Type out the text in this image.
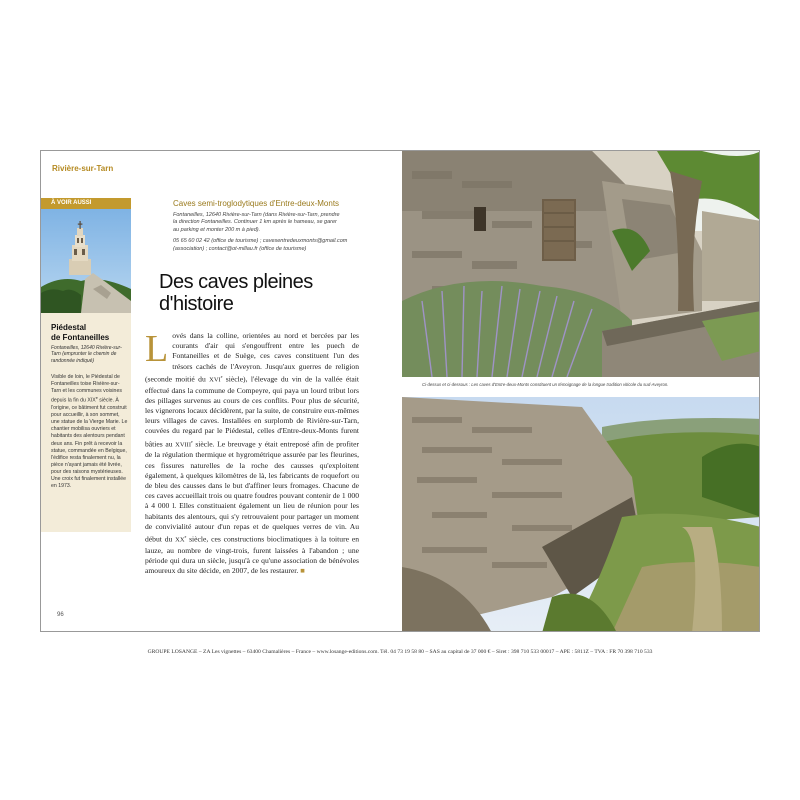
Rivière-sur-Tarn
À VOIR AUSSI
Piédestal
de Fontaneilles
Fontaneilles, 12640 Rivière-sur-Tarn (emprunter le chemin de randonnée indiqué)
Visible de loin, le Piédestal de Fontaneilles toise Rivière-sur-Tarn et les communes voisines depuis la fin du XIXe siècle. À l'origine, ce bâtiment fut construit pour accueillir, à son sommet, une statue de la Vierge Marie. Le chantier mobilisa ouvriers et habitants des alentours pendant deux ans. Fin prêt à recevoir la statue, commandée en Belgique, l'édifice resta finalement nu, la pièce n'ayant jamais été livrée, pour des raisons mystérieuses. Une croix fut finalement installée en 1973.
Caves semi-troglodytiques d'Entre-deux-Monts
Fontaneilles, 12640 Rivière-sur-Tarn (dans Rivière-sur-Tarn, prendre
la direction Fontaneilles. Continuer 1 km après le hameau, se garer
au parking et monter 200 m à pied).
05 65 60 02 42 (office de tourisme) ; cavesentredeuxmonts@gmail.com
(association) ; contact@ot-millau.fr (office de tourisme)
Des caves pleines
d'histoire
Lovés dans la colline, orientées au nord et bercées par les courants d'air qui s'engouffrent entre les puech de Fontaneilles et de Suège, ces caves constituent l'un des trésors cachés de l'Aveyron. Jusqu'aux guerres de religion (seconde moitié du XVIe siècle), l'élevage du vin de la vallée était effectué dans la commune de Compeyre, qui paya un lourd tribut lors des pillages survenus au cours de ces conflits. Pour plus de sécurité, les vignerons locaux décidèrent, par la suite, de construire eux-mêmes leurs villages de caves. Installées en surplomb de Rivière-sur-Tarn, couvées du regard par le Piédestal, celles d'Entre-deux-Monts furent bâties au XVIIIe siècle. Le breuvage y était entreposé afin de profiter de la régulation thermique et hygrométrique assurée par les fleurines, ces fissures naturelles de la roche des causses qu'exploitent également, à quelques kilomètres de là, les fabricants de roquefort ou de bleu des causses dans le but d'affiner leurs fromages. Chacune de ces caves accueillait trois ou quatre foudres pouvant contenir de 1 000 à 4 000 l. Elles constituaient également un lieu de réunion pour les habitants des alentours, qui s'y retrouvaient pour partager un moment de convivialité autour d'un repas et de quelques verres de vin. Au début du XXe siècle, ces constructions bioclimatiques à la toiture en lauze, au nombre de vingt-trois, furent laissées à l'abandon ; une période qui dura un siècle, jusqu'à ce qu'une association de bénévoles amoureux du site décide, en 2007, de les restaurer. ■
96
Ci-dessus et ci-dessous : Les caves d'Entre-deux-Monts constituent un témoignage de la longue tradition viticole du sud-Aveyron.
GROUPE LOSANGE – ZA Les vignettes – 63400 Chamalières – France – www.losange-editions.com. Tél. 04 73 19 58 80 – SAS au capital de 37 000 € – Siret : 398 710 533 00017 – APE : 5811Z – TVA : FR 70 398 710 533
